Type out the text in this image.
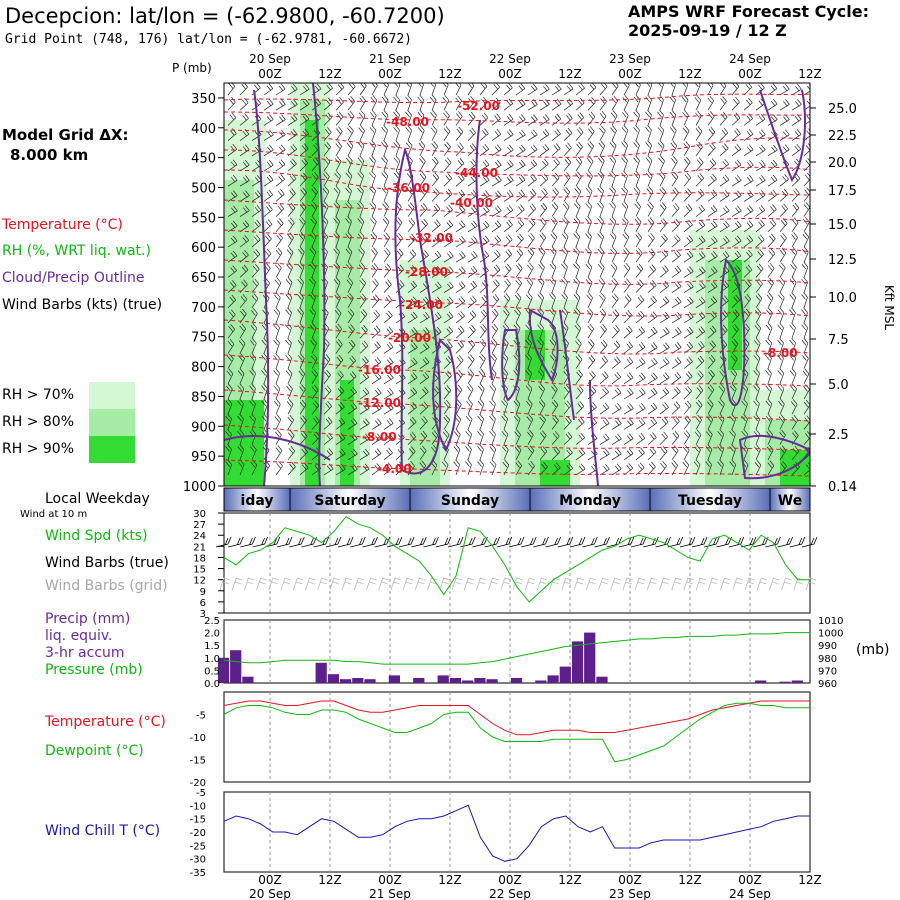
Decepcion: lat/lon = (-62.9800, -60.7200)
Grid Point (748, 176) lat/lon = (-62.9781, -60.6672)
AMPS WRF Forecast Cycle:
2025-09-19 / 12 Z
Model Grid ΔX:
8.000 km
Temperature (°C)
RH (%, WRT liq. wat.)
Cloud/Precip Outline
Wind Barbs (kts) (true)
RH > 70%
RH > 80%
RH > 90%
Local Weekday
Wind at 10 m
Wind Spd (kts)
Wind Barbs (true)
Wind Barbs (grid)
Precip (mm)
liq. equiv.
3-hr accum
Pressure (mb)
(mb)
Temperature (°C)
Dewpoint (°C)
Wind Chill T (°C)
P (mb)
20 Sep	21 Sep	22 Sep	23 Sep	24 Sep
00Z	12Z	00Z	12Z	00Z	12Z	00Z	12Z	00Z	12Z
-52.00
-48.00
-44.00
-40.00
-36.00
-32.00
-28.00
-24.00
-20.00
-16.00
-12.00
-8.00
-4.00
-8.00
350
400
450
500
550
600
650
700
750
800
850
900
950
1000
25.0
22.5
20.0
17.5
15.0
12.5
10.0
7.5
5.0
2.5
0.14
Kft MSL
iday	Saturday	Sunday	Monday	Tuesday	We
3
6
9
12
15
18
21
24
27
30
0.0
0.5
1.0
1.5
2.0
2.5
960
970
980
990
1000
1010
-20
-15
-10
-5
-35
-30
-25
-20
-15
-10
-5
00Z	12Z	00Z	12Z	00Z	12Z	00Z	12Z	00Z	12Z
20 Sep	21 Sep	22 Sep	23 Sep	24 Sep
